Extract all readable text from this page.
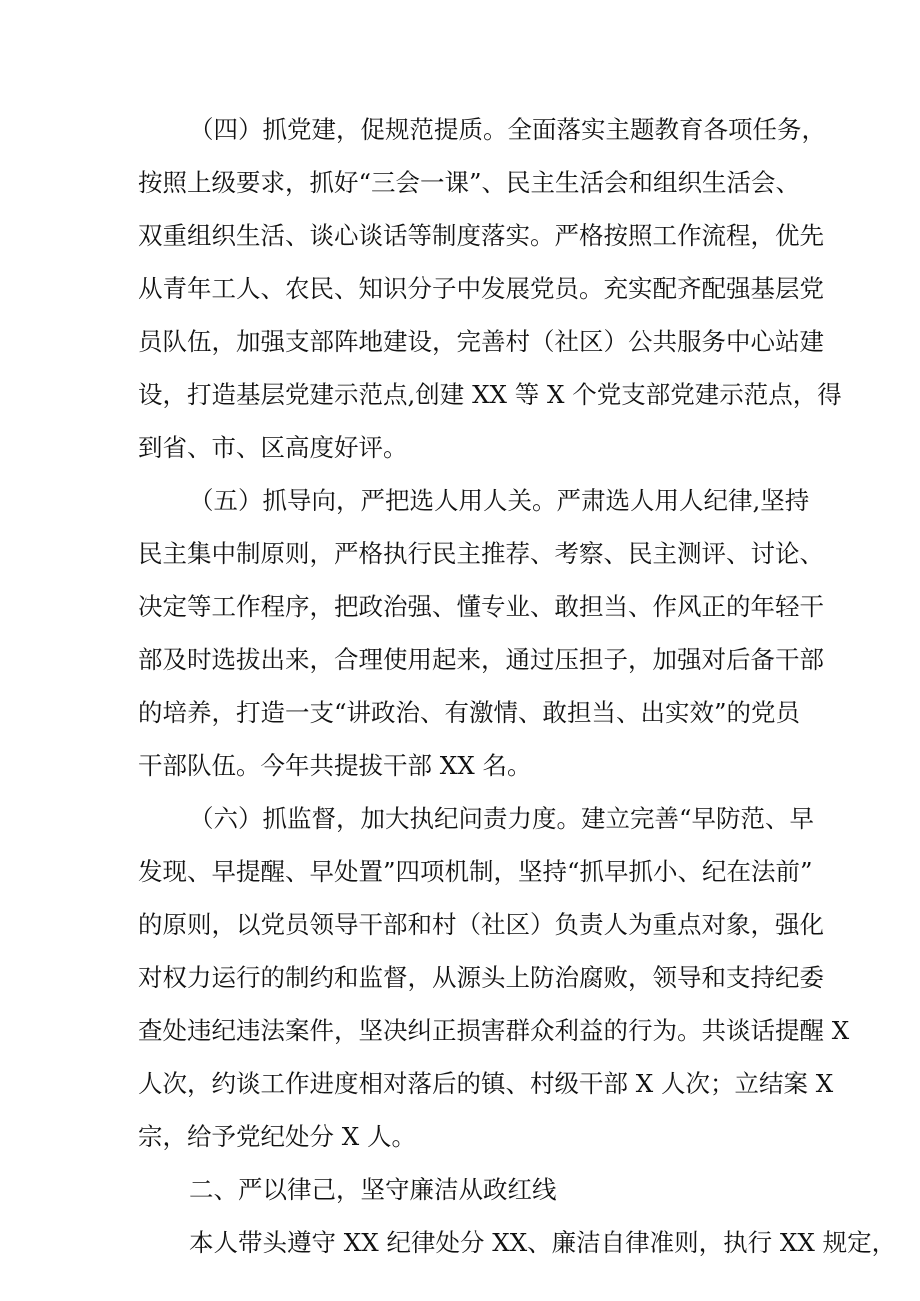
（四）抓党建，促规范提质。全面落实主题教育各项任务，
按照上级要求，抓好“三会一课”、民主生活会和组织生活会、
双重组织生活、谈心谈话等制度落实。严格按照工作流程，优先
从青年工人、农民、知识分子中发展党员。充实配齐配强基层党
员队伍，加强支部阵地建设，完善村（社区）公共服务中心站建
设，打造基层党建示范点,创建 XX 等 X 个党支部党建示范点，得
到省、市、区高度好评。
（五）抓导向，严把选人用人关。严肃选人用人纪律,坚持
民主集中制原则，严格执行民主推荐、考察、民主测评、讨论、
决定等工作程序，把政治强、懂专业、敢担当、作风正的年轻干
部及时选拔出来，合理使用起来，通过压担子，加强对后备干部
的培养，打造一支“讲政治、有激情、敢担当、出实效”的党员
干部队伍。今年共提拔干部 XX 名。
（六）抓监督，加大执纪问责力度。建立完善“早防范、早
发现、早提醒、早处置”四项机制，坚持“抓早抓小、纪在法前”
的原则，以党员领导干部和村（社区）负责人为重点对象，强化
对权力运行的制约和监督，从源头上防治腐败，领导和支持纪委
查处违纪违法案件，坚决纠正损害群众利益的行为。共谈话提醒 X
人次，约谈工作进度相对落后的镇、村级干部 X 人次；立结案 X
宗，给予党纪处分 X 人。
二、严以律己，坚守廉洁从政红线
本人带头遵守 XX 纪律处分 XX、廉洁自律准则，执行 XX 规定，
